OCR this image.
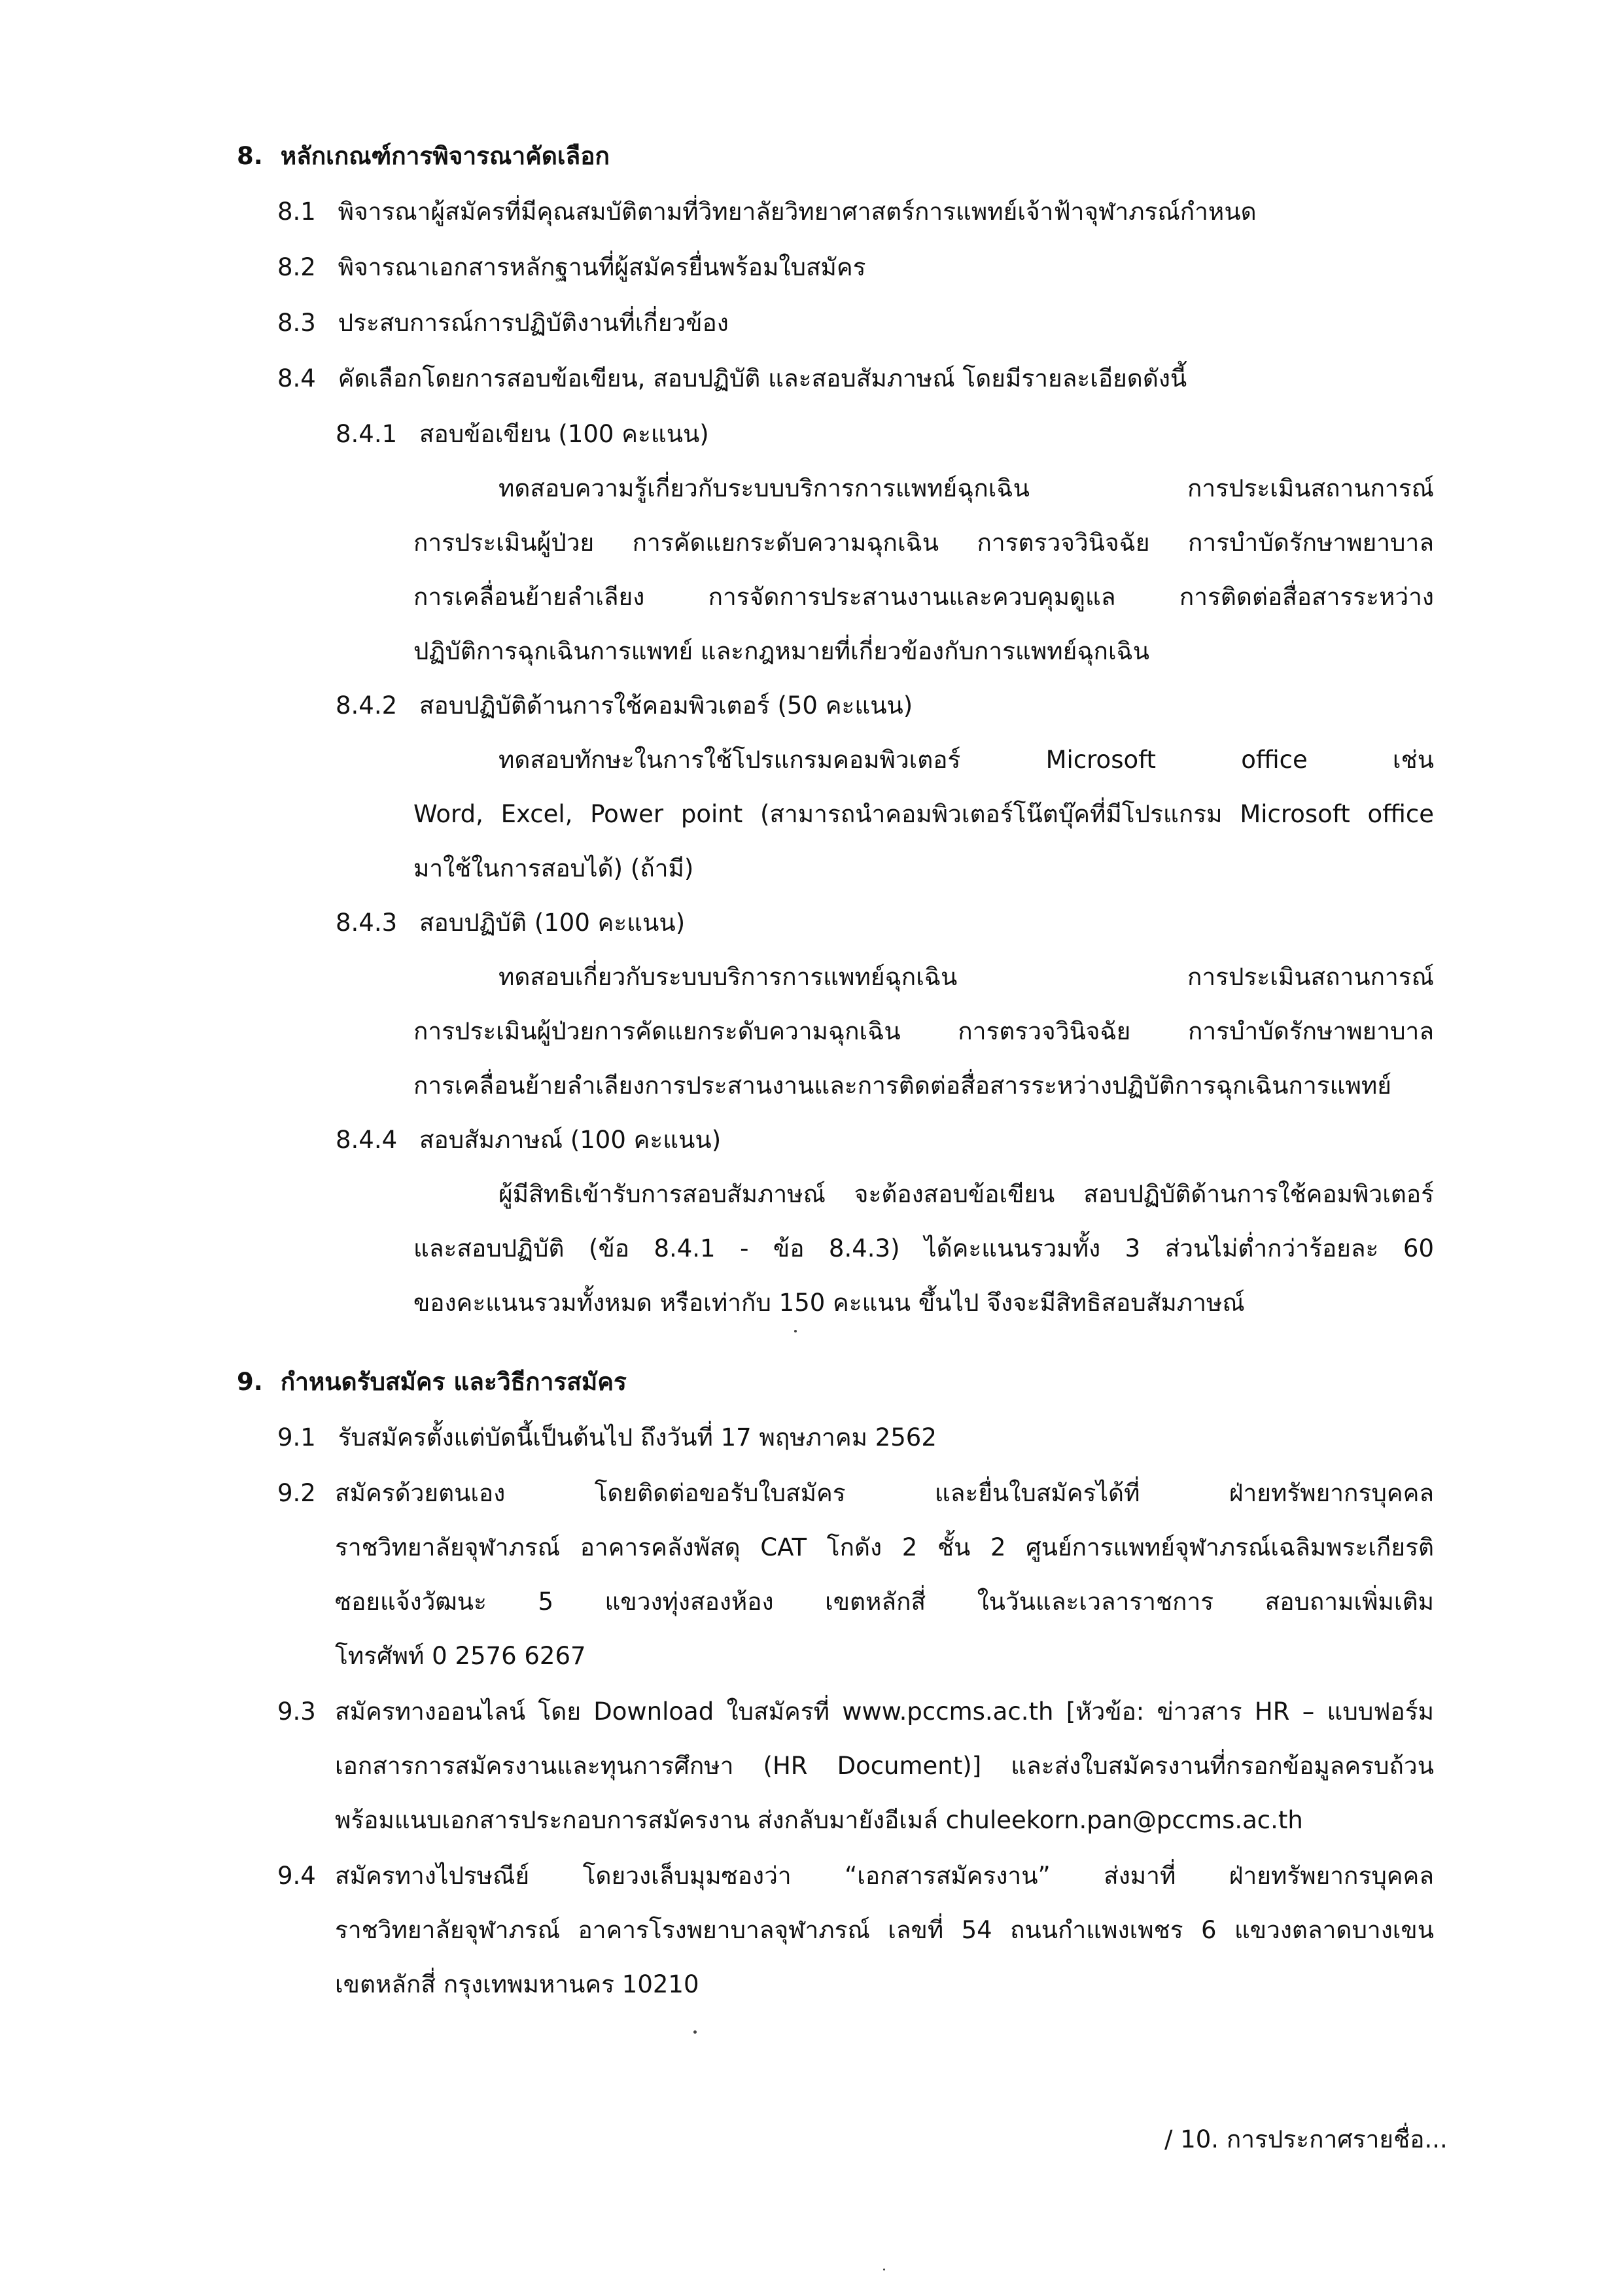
8. หลักเกณฑ์การพิจารณาคัดเลือก
8.1 พิจารณาผู้สมัครที่มีคุณสมบัติตามที่วิทยาลัยวิทยาศาสตร์การแพทย์เจ้าฟ้าจุฬาภรณ์กำหนด
8.2 พิจารณาเอกสารหลักฐานที่ผู้สมัครยื่นพร้อมใบสมัคร
8.3 ประสบการณ์การปฏิบัติงานที่เกี่ยวข้อง
8.4 คัดเลือกโดยการสอบข้อเขียน, สอบปฏิบัติ และสอบสัมภาษณ์ โดยมีรายละเอียดดังนี้
8.4.1 สอบข้อเขียน (100 คะแนน)
ทดสอบความรู้เกี่ยวกับระบบบริการการแพทย์ฉุกเฉิน การประเมินสถานการณ์
การประเมินผู้ป่วย การคัดแยกระดับความฉุกเฉิน การตรวจวินิจฉัย การบำบัดรักษาพยาบาล
การเคลื่อนย้ายลำเลียง การจัดการประสานงานและควบคุมดูแล การติดต่อสื่อสารระหว่าง
ปฏิบัติการฉุกเฉินการแพทย์ และกฎหมายที่เกี่ยวข้องกับการแพทย์ฉุกเฉิน
8.4.2 สอบปฏิบัติด้านการใช้คอมพิวเตอร์ (50 คะแนน)
ทดสอบทักษะในการใช้โปรแกรมคอมพิวเตอร์ Microsoft office เช่น
Word, Excel, Power point (สามารถนำคอมพิวเตอร์โน๊ตบุ๊คที่มีโปรแกรม Microsoft office
มาใช้ในการสอบได้) (ถ้ามี)
8.4.3 สอบปฏิบัติ (100 คะแนน)
ทดสอบเกี่ยวกับระบบบริการการแพทย์ฉุกเฉิน การประเมินสถานการณ์
การประเมินผู้ป่วยการคัดแยกระดับความฉุกเฉิน การตรวจวินิจฉัย การบำบัดรักษาพยาบาล
การเคลื่อนย้ายลำเลียงการประสานงานและการติดต่อสื่อสารระหว่างปฏิบัติการฉุกเฉินการแพทย์
8.4.4 สอบสัมภาษณ์ (100 คะแนน)
ผู้มีสิทธิเข้ารับการสอบสัมภาษณ์ จะต้องสอบข้อเขียน สอบปฏิบัติด้านการใช้คอมพิวเตอร์
และสอบปฏิบัติ (ข้อ 8.4.1 - ข้อ 8.4.3) ได้คะแนนรวมทั้ง 3 ส่วนไม่ต่ำกว่าร้อยละ 60
ของคะแนนรวมทั้งหมด หรือเท่ากับ 150 คะแนน ขึ้นไป จึงจะมีสิทธิสอบสัมภาษณ์
9. กำหนดรับสมัคร และวิธีการสมัคร
9.1 รับสมัครตั้งแต่บัดนี้เป็นต้นไป ถึงวันที่ 17 พฤษภาคม 2562
9.2 สมัครด้วยตนเอง โดยติดต่อขอรับใบสมัคร และยื่นใบสมัครได้ที่ ฝ่ายทรัพยากรบุคคล
ราชวิทยาลัยจุฬาภรณ์ อาคารคลังพัสดุ CAT โกดัง 2 ชั้น 2 ศูนย์การแพทย์จุฬาภรณ์เฉลิมพระเกียรติ
ซอยแจ้งวัฒนะ 5 แขวงทุ่งสองห้อง เขตหลักสี่ ในวันและเวลาราชการ สอบถามเพิ่มเติม
โทรศัพท์ 0 2576 6267
9.3 สมัครทางออนไลน์ โดย Download ใบสมัครที่ www.pccms.ac.th [หัวข้อ: ข่าวสาร HR – แบบฟอร์ม
เอกสารการสมัครงานและทุนการศึกษา (HR Document)] และส่งใบสมัครงานที่กรอกข้อมูลครบถ้วน
พร้อมแนบเอกสารประกอบการสมัครงาน ส่งกลับมายังอีเมล์ chuleekorn.pan@pccms.ac.th
9.4 สมัครทางไปรษณีย์ โดยวงเล็บมุมซองว่า “เอกสารสมัครงาน” ส่งมาที่ ฝ่ายทรัพยากรบุคคล
ราชวิทยาลัยจุฬาภรณ์ อาคารโรงพยาบาลจุฬาภรณ์ เลขที่ 54 ถนนกำแพงเพชร 6 แขวงตลาดบางเขน
เขตหลักสี่ กรุงเทพมหานคร 10210
/ 10. การประกาศรายชื่อ...
